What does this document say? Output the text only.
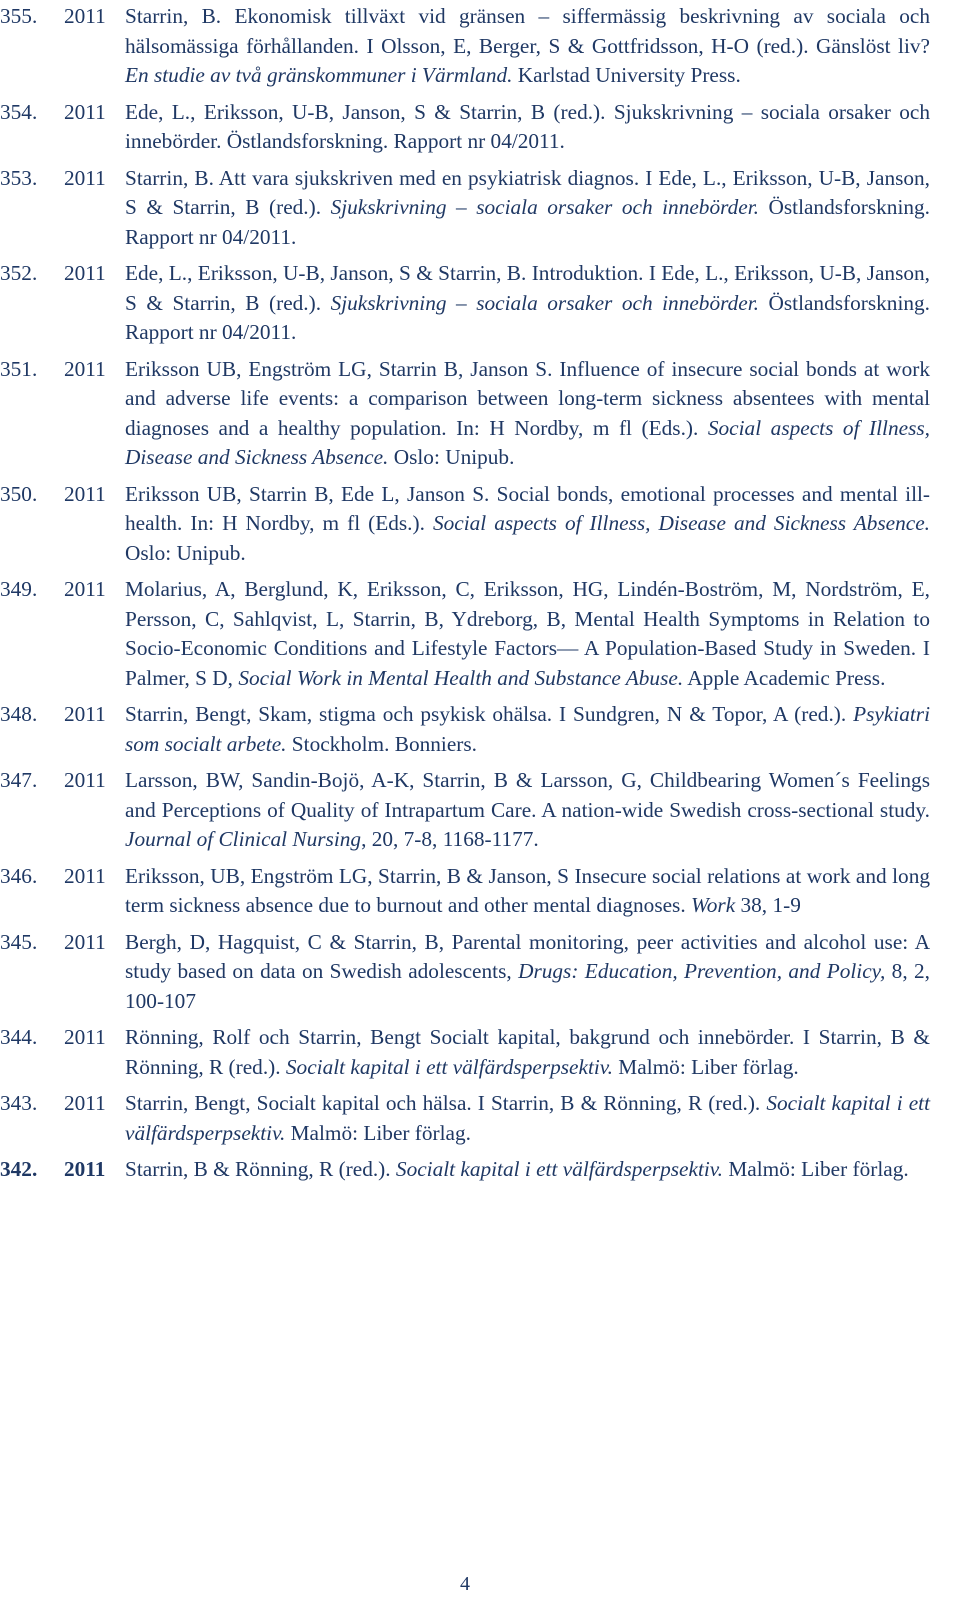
355. 2011 Starrin, B. Ekonomisk tillväxt vid gränsen – siffermässig beskrivning av sociala och hälsomässiga förhållanden. I Olsson, E, Berger, S & Gottfridsson, H-O (red.). Gänslöst liv? En studie av två gränskommuner i Värmland. Karlstad University Press.
354. 2011 Ede, L., Eriksson, U-B, Janson, S & Starrin, B (red.). Sjukskrivning – sociala orsaker och innebörder. Östlandsforskning. Rapport nr 04/2011.
353. 2011 Starrin, B. Att vara sjukskriven med en psykiatrisk diagnos. I Ede, L., Eriksson, U-B, Janson, S & Starrin, B (red.). Sjukskrivning – sociala orsaker och innebörder. Östlandsforskning. Rapport nr 04/2011.
352. 2011 Ede, L., Eriksson, U-B, Janson, S & Starrin, B. Introduktion. I Ede, L., Eriksson, U-B, Janson, S & Starrin, B (red.). Sjukskrivning – sociala orsaker och innebörder. Östlandsforskning. Rapport nr 04/2011.
351. 2011 Eriksson UB, Engström LG, Starrin B, Janson S. Influence of insecure social bonds at work and adverse life events: a comparison between long-term sickness absentees with mental diagnoses and a healthy population. In: H Nordby, m fl (Eds.). Social aspects of Illness, Disease and Sickness Absence. Oslo: Unipub.
350. 2011 Eriksson UB, Starrin B, Ede L, Janson S. Social bonds, emotional processes and mental ill-health. In: H Nordby, m fl (Eds.). Social aspects of Illness, Disease and Sickness Absence. Oslo: Unipub.
349. 2011 Molarius, A, Berglund, K, Eriksson, C, Eriksson, HG, Lindén-Boström, M, Nordström, E, Persson, C, Sahlqvist, L, Starrin, B, Ydreborg, B, Mental Health Symptoms in Relation to Socio-Economic Conditions and Lifestyle Factors— A Population-Based Study in Sweden. I Palmer, S D, Social Work in Mental Health and Substance Abuse. Apple Academic Press.
348. 2011 Starrin, Bengt, Skam, stigma och psykisk ohälsa. I Sundgren, N & Topor, A (red.). Psykiatri som socialt arbete. Stockholm. Bonniers.
347. 2011 Larsson, BW, Sandin-Bojö, A-K, Starrin, B & Larsson, G, Childbearing Women´s Feelings and Perceptions of Quality of Intrapartum Care. A nation-wide Swedish cross-sectional study. Journal of Clinical Nursing, 20, 7-8, 1168-1177.
346. 2011 Eriksson, UB, Engström LG, Starrin, B & Janson, S Insecure social relations at work and long term sickness absence due to burnout and other mental diagnoses. Work 38, 1-9
345. 2011 Bergh, D, Hagquist, C & Starrin, B, Parental monitoring, peer activities and alcohol use: A study based on data on Swedish adolescents, Drugs: Education, Prevention, and Policy, 8, 2, 100-107
344. 2011 Rönning, Rolf och Starrin, Bengt Socialt kapital, bakgrund och innebörder. I Starrin, B & Rönning, R (red.). Socialt kapital i ett välfärdsperpsektiv. Malmö: Liber förlag.
343. 2011 Starrin, Bengt, Socialt kapital och hälsa. I Starrin, B & Rönning, R (red.). Socialt kapital i ett välfärdsperpsektiv. Malmö: Liber förlag.
342. 2011 Starrin, B & Rönning, R (red.). Socialt kapital i ett välfärdsperpsektiv. Malmö: Liber förlag.
4
